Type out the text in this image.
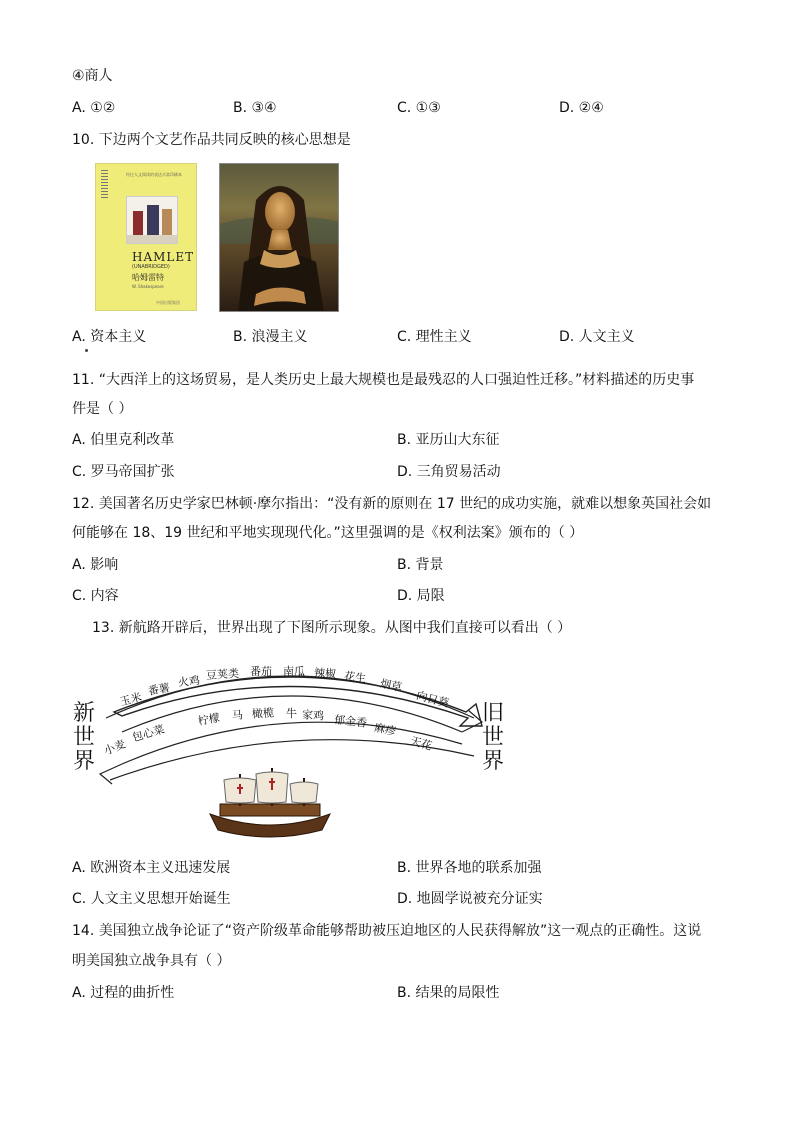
④商人
A. ①②	B. ③④	C. ①③	D. ②④
10. 下边两个文艺作品共同反映的核心思想是
经过人文阅读的表达丰富印刷本
HAMLET
(UNABRIDGED)
哈姆雷特
W. Shakespeare
中国出版集团
A. 资本主义	B. 浪漫主义	C. 理性主义	D. 人文主义
11. “大西洋上的这场贸易，是人类历史上最大规模也是最残忍的人口强迫性迁移。”材料描述的历史事
件是（ ）
A. 伯里克利改革	B. 亚历山大东征
C. 罗马帝国扩张	D. 三角贸易活动
12. 美国著名历史学家巴林顿·摩尔指出：“没有新的原则在 17 世纪的成功实施，就难以想象英国社会如
何能够在 18、19 世纪和平地实现现代化。”这里强调的是《权利法案》颁布的（ ）
A. 影响	B. 背景
C. 内容	D. 局限
13. 新航路开辟后，世界出现了下图所示现象。从图中我们直接可以看出（ ）
新
世
界
旧
世
界
玉米
番薯 火鸡 豆荚类 番茄 南瓜 辣椒 花生 烟草
向日葵
小麦
包心菜
柠檬 马 橄榄 牛 家鸡 郁金香 麻疹
天花
A. 欧洲资本主义迅速发展	B. 世界各地的联系加强
C. 人文主义思想开始诞生	D. 地圆学说被充分证实
14. 美国独立战争论证了“资产阶级革命能够帮助被压迫地区的人民获得解放”这一观点的正确性。这说
明美国独立战争具有（ ）
A. 过程的曲折性	B. 结果的局限性
